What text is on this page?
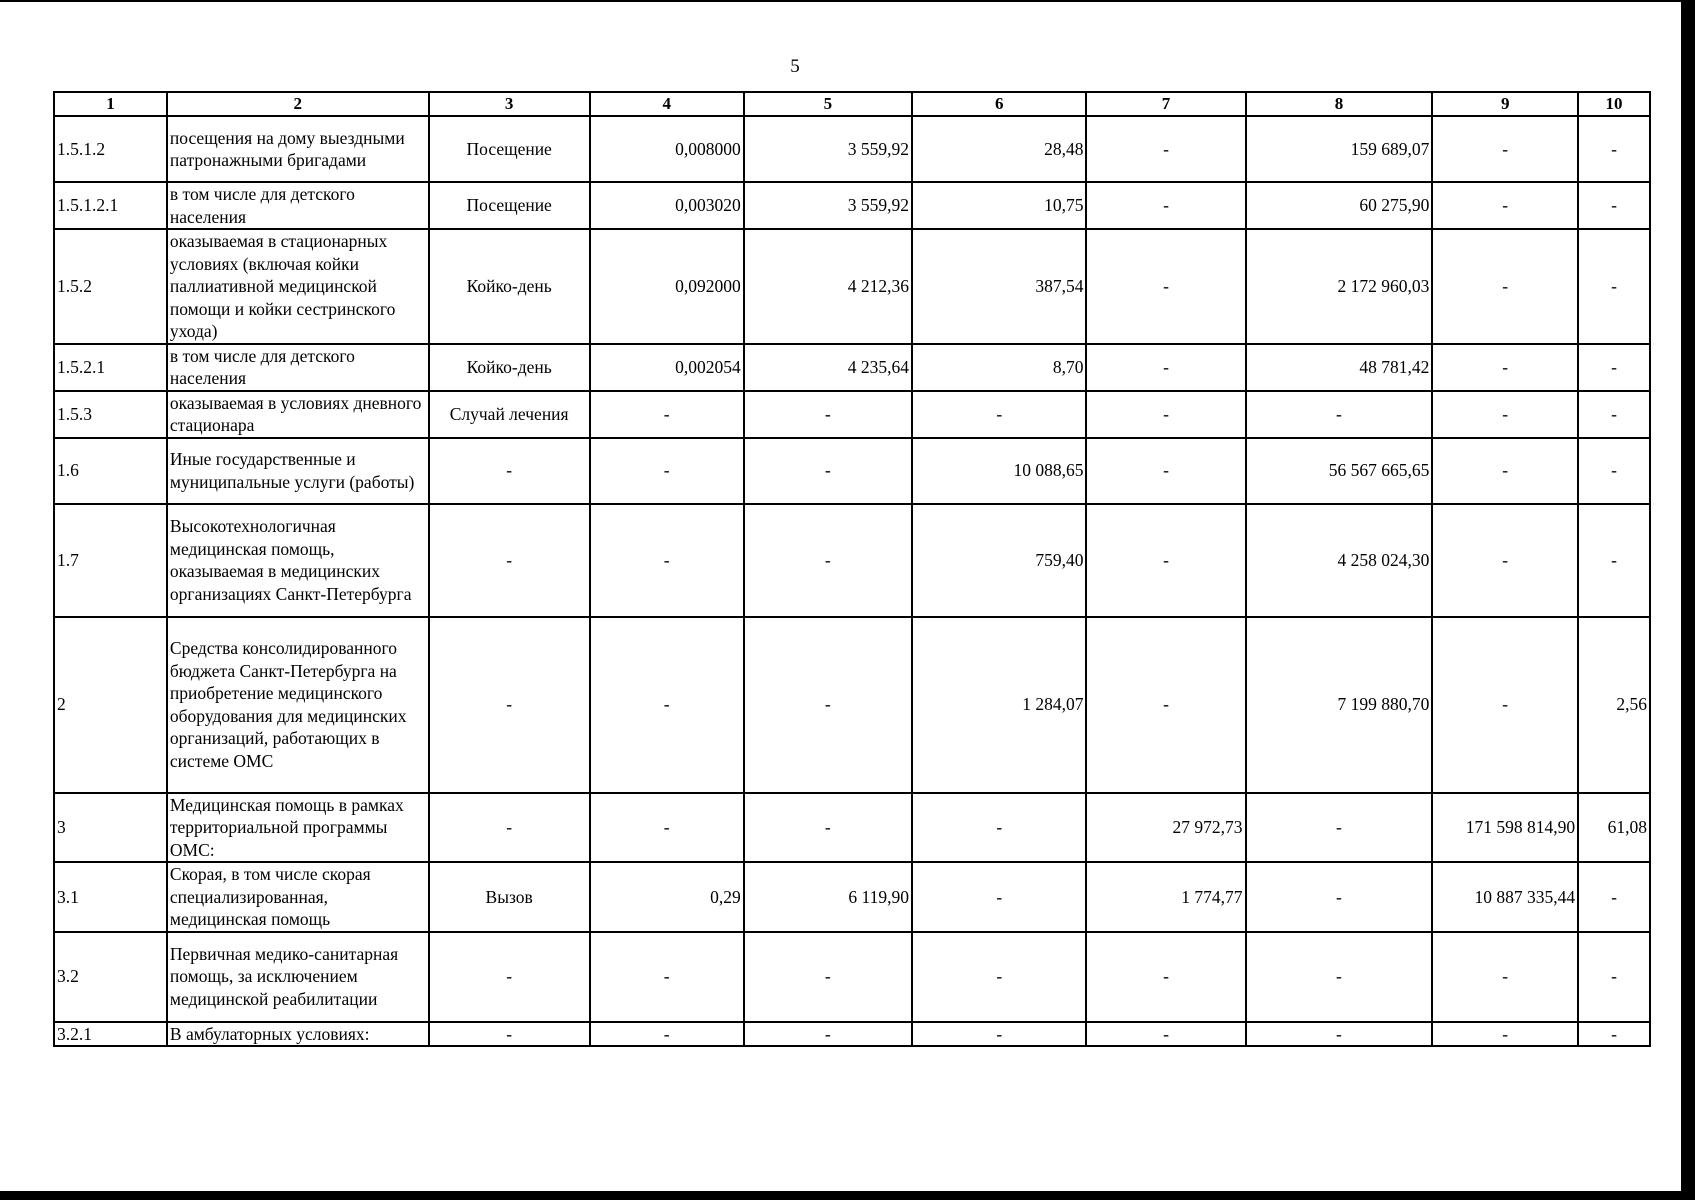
5
1	2	3	4	5	6	7	8	9	10
1.5.1.2	посещения на дому выездными патронажными бригадами	Посещение	0,008000	3 559,92	28,48	-	159 689,07	-	-
1.5.1.2.1	в том числе для детского населения	Посещение	0,003020	3 559,92	10,75	-	60 275,90	-	-
1.5.2	оказываемая в стационарных условиях (включая койки паллиативной медицинской помощи и койки сестринского ухода)	Койко-день	0,092000	4 212,36	387,54	-	2 172 960,03	-	-
1.5.2.1	в том числе для детского населения	Койко-день	0,002054	4 235,64	8,70	-	48 781,42	-	-
1.5.3	оказываемая в условиях дневного стационара	Случай лечения	-	-	-	-	-	-	-
1.6	Иные государственные и муниципальные услуги (работы)	-	-	-	10 088,65	-	56 567 665,65	-	-
1.7	Высокотехнологичная медицинская помощь, оказываемая в медицинских организациях Санкт-Петербурга	-	-	-	759,40	-	4 258 024,30	-	-
2	Средства консолидированного бюджета Санкт-Петербурга на приобретение медицинского оборудования для медицинских организаций, работающих в системе ОМС	-	-	-	1 284,07	-	7 199 880,70	-	2,56
3	Медицинская помощь в рамках территориальной программы ОМС:	-	-	-	-	27 972,73	-	171 598 814,90	61,08
3.1	Скорая, в том числе скорая специализированная, медицинская помощь	Вызов	0,29	6 119,90	-	1 774,77	-	10 887 335,44	-
3.2	Первичная медико-санитарная помощь, за исключением медицинской реабилитации	-	-	-	-	-	-	-	-
3.2.1	В амбулаторных условиях:	-	-	-	-	-	-	-	-
